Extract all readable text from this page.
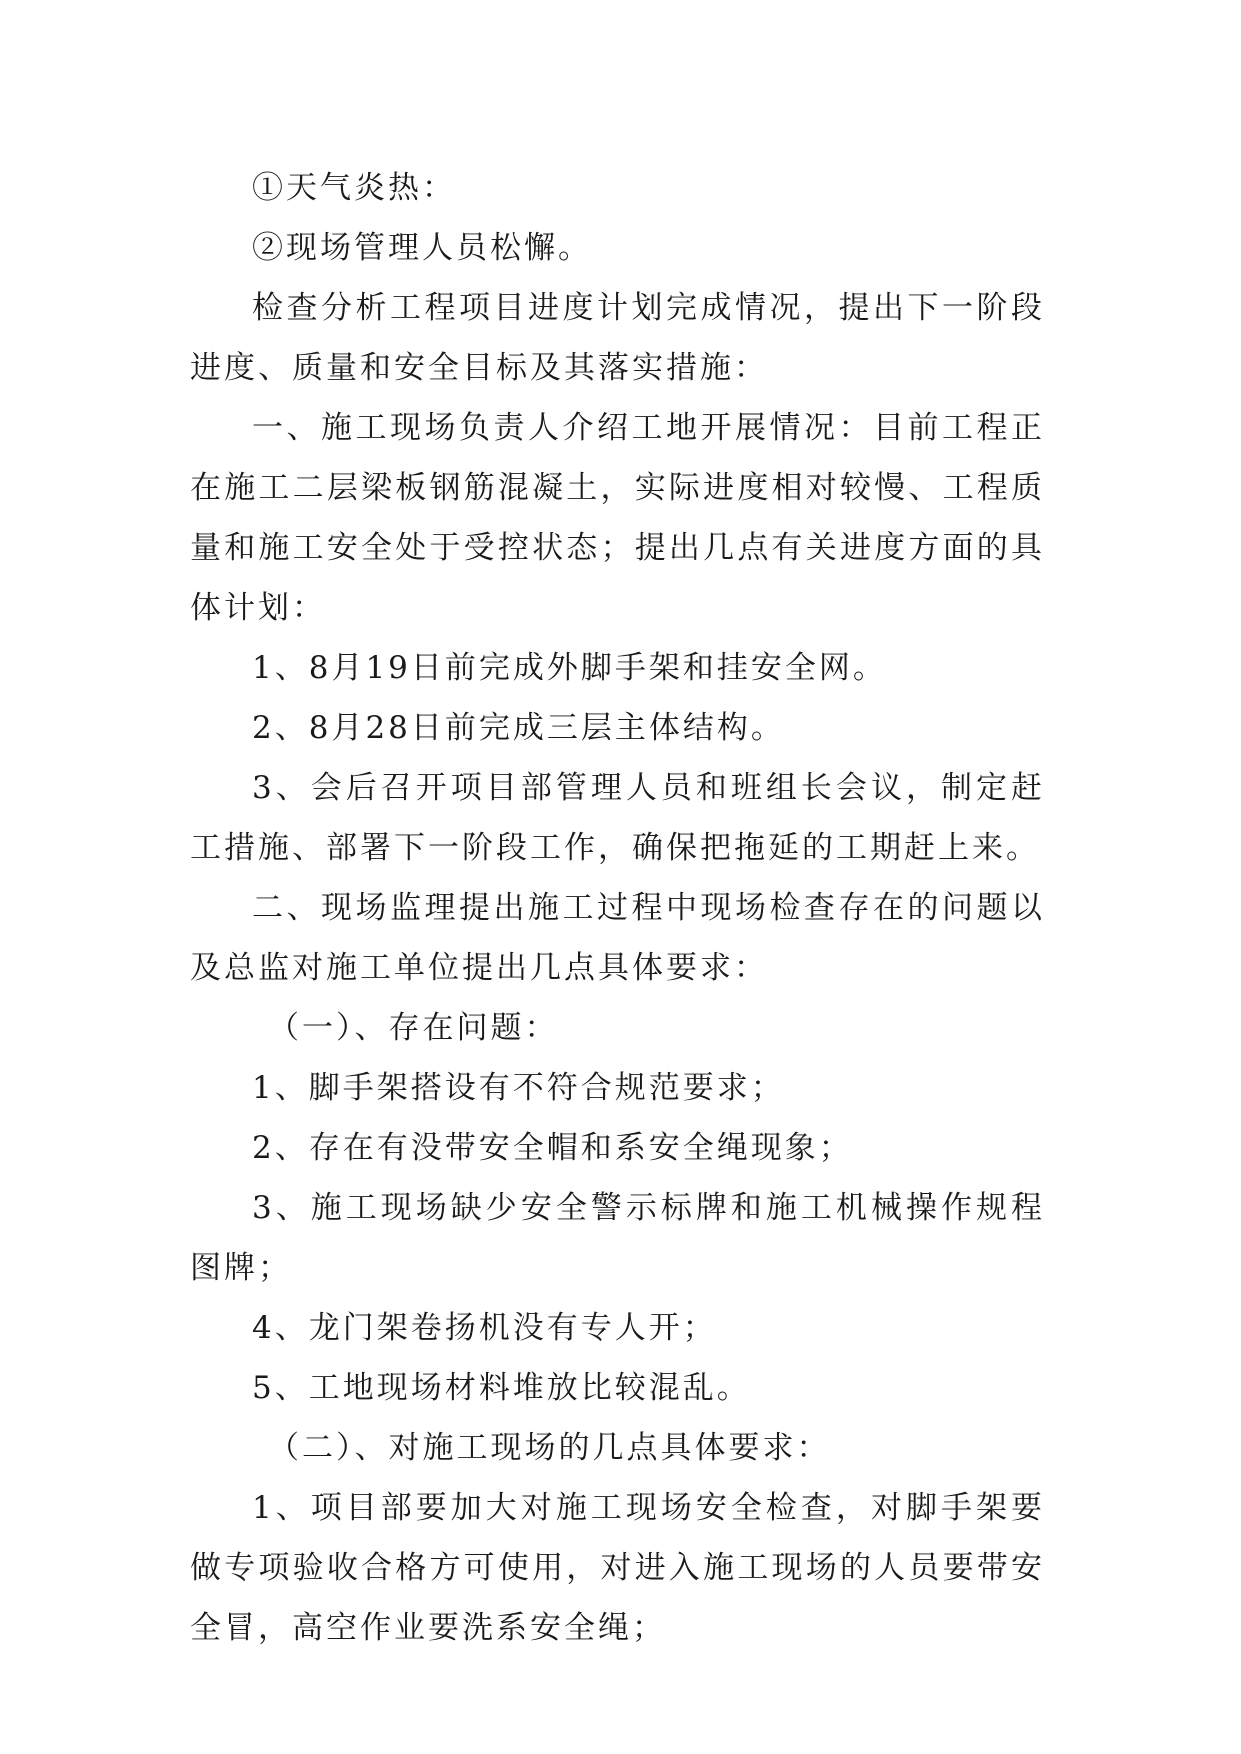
①天气炎热：

②现场管理人员松懈。

检查分析工程项目进度计划完成情况，提出下一阶段进度、质量和安全目标及其落实措施：

一、施工现场负责人介绍工地开展情况：目前工程正在施工二层梁板钢筋混凝土，实际进度相对较慢、工程质量和施工安全处于受控状态；提出几点有关进度方面的具体计划：

1、8月19日前完成外脚手架和挂安全网。

2、8月28日前完成三层主体结构。

3、会后召开项目部管理人员和班组长会议，制定赶工措施、部署下一阶段工作，确保把拖延的工期赶上来。

二、现场监理提出施工过程中现场检查存在的问题以及总监对施工单位提出几点具体要求：

（一）、存在问题：

1、脚手架搭设有不符合规范要求；

2、存在有没带安全帽和系安全绳现象；

3、施工现场缺少安全警示标牌和施工机械操作规程图牌；

4、龙门架卷扬机没有专人开；

5、工地现场材料堆放比较混乱。

（二）、对施工现场的几点具体要求：

1、项目部要加大对施工现场安全检查，对脚手架要做专项验收合格方可使用，对进入施工现场的人员要带安全冒，高空作业要洗系安全绳；
